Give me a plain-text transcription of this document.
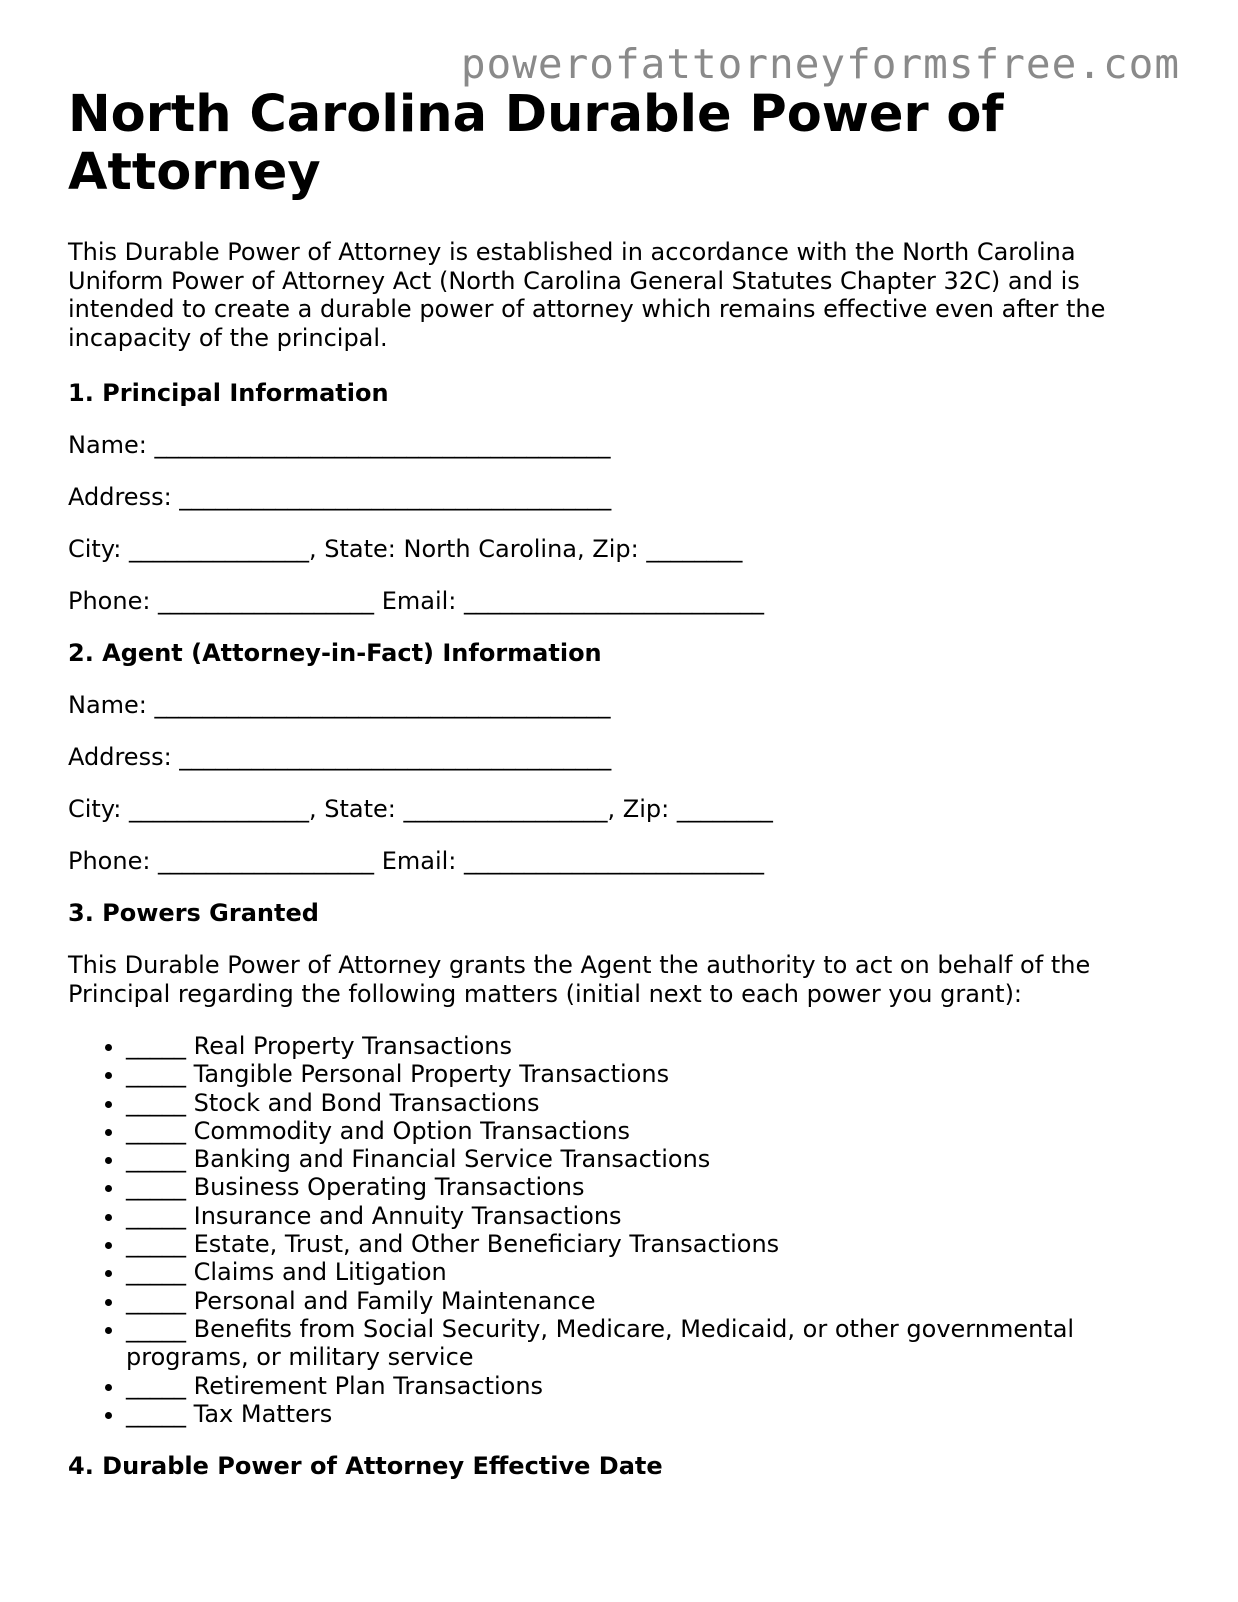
powerofattorneyformsfree.com

North Carolina Durable Power of Attorney

This Durable Power of Attorney is established in accordance with the North Carolina Uniform Power of Attorney Act (North Carolina General Statutes Chapter 32C) and is intended to create a durable power of attorney which remains effective even after the incapacity of the principal.

1. Principal Information

Name: ______________________________________

Address: ____________________________________

City: _______________, State: North Carolina, Zip: ________

Phone: __________________ Email: _________________________

2. Agent (Attorney-in-Fact) Information

Name: ______________________________________

Address: ____________________________________

City: _______________, State: _________________, Zip: ________

Phone: __________________ Email: _________________________

3. Powers Granted

This Durable Power of Attorney grants the Agent the authority to act on behalf of the Principal regarding the following matters (initial next to each power you grant):

• _____ Real Property Transactions
• _____ Tangible Personal Property Transactions
• _____ Stock and Bond Transactions
• _____ Commodity and Option Transactions
• _____ Banking and Financial Service Transactions
• _____ Business Operating Transactions
• _____ Insurance and Annuity Transactions
• _____ Estate, Trust, and Other Beneficiary Transactions
• _____ Claims and Litigation
• _____ Personal and Family Maintenance
• _____ Benefits from Social Security, Medicare, Medicaid, or other governmental programs, or military service
• _____ Retirement Plan Transactions
• _____ Tax Matters
4. Durable Power of Attorney Effective Date
